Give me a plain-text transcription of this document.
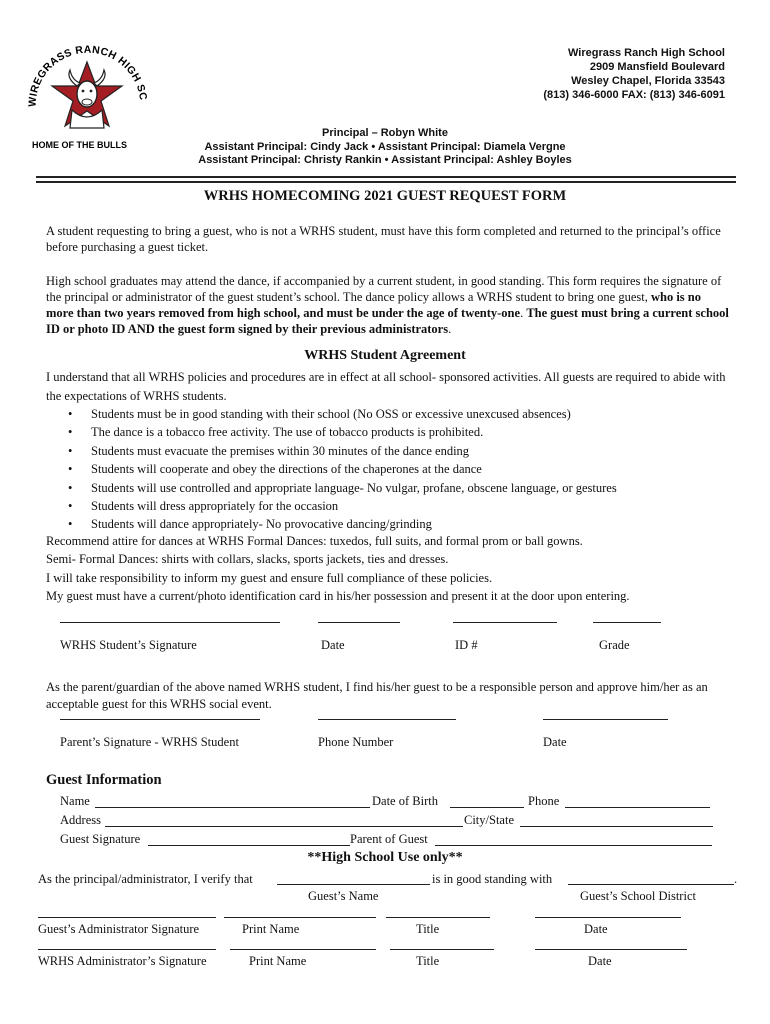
WIREGRASS RANCH HIGH SC
HOME OF THE BULLS
Wiregrass Ranch High School
2909 Mansfield Boulevard
Wesley Chapel, Florida 33543
(813) 346-6000 FAX: (813) 346-6091
Principal – Robyn White
Assistant Principal: Cindy Jack • Assistant Principal: Diamela Vergne
Assistant Principal: Christy Rankin • Assistant Principal: Ashley Boyles
WRHS HOMECOMING 2021 GUEST REQUEST FORM
A student requesting to bring a guest, who is not a WRHS student, must have this form completed and returned to the principal’s office before purchasing a guest ticket.
High school graduates may attend the dance, if accompanied by a current student, in good standing. This form requires the signature of the principal or administrator of the guest student’s school. The dance policy allows a WRHS student to bring one guest, who is no more than two years removed from high school, and must be under the age of twenty-one. The guest must bring a current school ID or photo ID AND the guest form signed by their previous administrators.
WRHS Student Agreement
I understand that all WRHS policies and procedures are in effect at all school- sponsored activities. All guests are required to abide with the expectations of WRHS students.
• Students must be in good standing with their school (No OSS or excessive unexcused absences)
• The dance is a tobacco free activity. The use of tobacco products is prohibited.
• Students must evacuate the premises within 30 minutes of the dance ending
• Students will cooperate and obey the directions of the chaperones at the dance
• Students will use controlled and appropriate language- No vulgar, profane, obscene language, or gestures
• Students will dress appropriately for the occasion
• Students will dance appropriately- No provocative dancing/grinding
Recommend attire for dances at WRHS Formal Dances: tuxedos, full suits, and formal prom or ball gowns.
Semi- Formal Dances: shirts with collars, slacks, sports jackets, ties and dresses.
I will take responsibility to inform my guest and ensure full compliance of these policies.
My guest must have a current/photo identification card in his/her possession and present it at the door upon entering.
WRHS Student’s Signature	Date	ID #	Grade
As the parent/guardian of the above named WRHS student, I find his/her guest to be a responsible person and approve him/her as an acceptable guest for this WRHS social event.
Parent’s Signature - WRHS Student	Phone Number	Date
Guest Information
Name	Date of Birth	Phone
Address	City/State
Guest Signature	Parent of Guest
**High School Use only**
As the principal/administrator, I verify that	is in good standing with	.
Guest’s Name	Guest’s School District
Guest’s Administrator Signature	Print Name	Title	Date
WRHS Administrator’s Signature	Print Name	Title	Date
